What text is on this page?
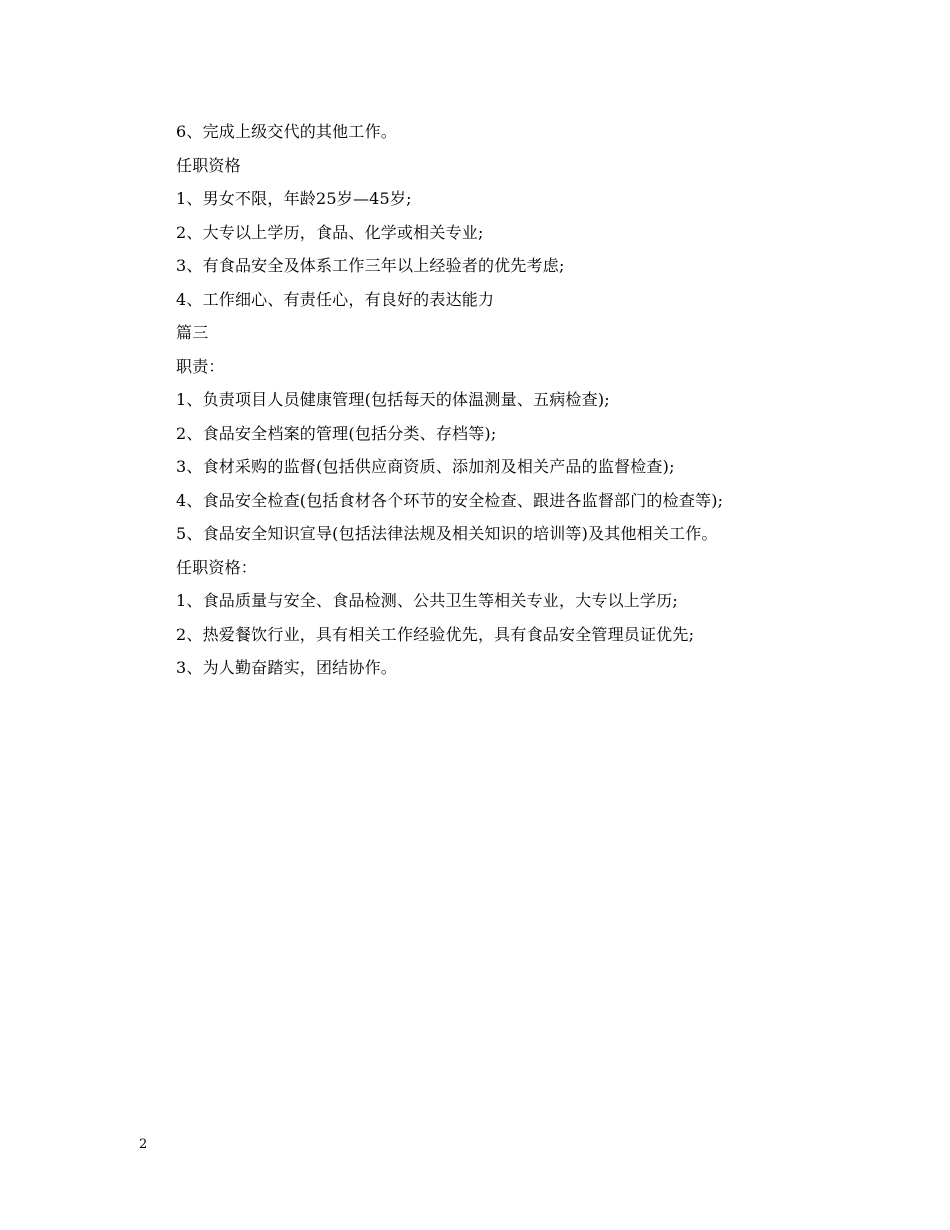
6、完成上级交代的其他工作。
任职资格
1、男女不限，年龄25岁—45岁;
2、大专以上学历，食品、化学或相关专业;
3、有食品安全及体系工作三年以上经验者的优先考虑;
4、工作细心、有责任心，有良好的表达能力
篇三
职责：
1、负责项目人员健康管理(包括每天的体温测量、五病检查);
2、食品安全档案的管理(包括分类、存档等);
3、食材采购的监督(包括供应商资质、添加剂及相关产品的监督检查);
4、食品安全检查(包括食材各个环节的安全检查、跟进各监督部门的检查等);
5、食品安全知识宣导(包括法律法规及相关知识的培训等)及其他相关工作。
任职资格：
1、食品质量与安全、食品检测、公共卫生等相关专业，大专以上学历;
2、热爱餐饮行业，具有相关工作经验优先，具有食品安全管理员证优先;
3、为人勤奋踏实，团结协作。
2
